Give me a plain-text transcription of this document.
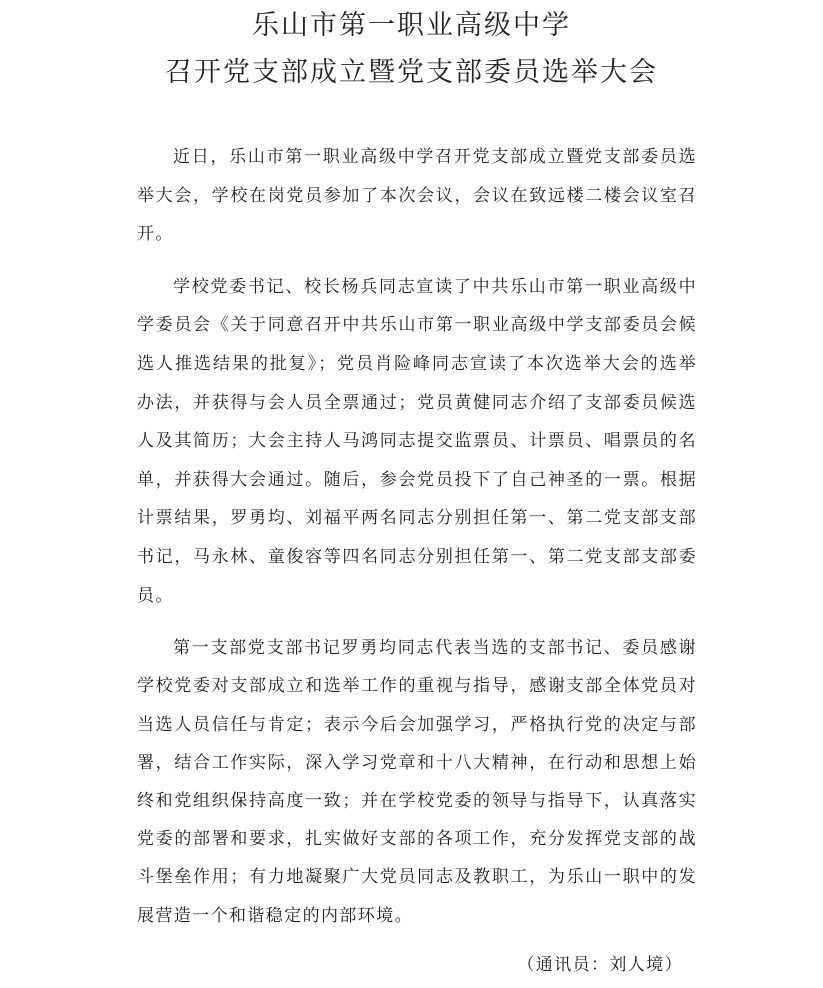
乐山市第一职业高级中学
召开党支部成立暨党支部委员选举大会

近日，乐山市第一职业高级中学召开党支部成立暨党支部委员选举大会，学校在岗党员参加了本次会议，会议在致远楼二楼会议室召开。

学校党委书记、校长杨兵同志宣读了中共乐山市第一职业高级中学委员会《关于同意召开中共乐山市第一职业高级中学支部委员会候选人推选结果的批复》；党员肖险峰同志宣读了本次选举大会的选举办法，并获得与会人员全票通过；党员黄健同志介绍了支部委员候选人及其简历；大会主持人马鸿同志提交监票员、计票员、唱票员的名单，并获得大会通过。随后，参会党员投下了自己神圣的一票。根据计票结果，罗勇均、刘福平两名同志分别担任第一、第二党支部支部书记，马永林、童俊容等四名同志分别担任第一、第二党支部支部委员。

第一支部党支部书记罗勇均同志代表当选的支部书记、委员感谢学校党委对支部成立和选举工作的重视与指导，感谢支部全体党员对当选人员信任与肯定；表示今后会加强学习，严格执行党的决定与部署，结合工作实际，深入学习党章和十八大精神，在行动和思想上始终和党组织保持高度一致；并在学校党委的领导与指导下，认真落实党委的部署和要求，扎实做好支部的各项工作，充分发挥党支部的战斗堡垒作用；有力地凝聚广大党员同志及教职工，为乐山一职中的发展营造一个和谐稳定的内部环境。

（通讯员：刘人境）
